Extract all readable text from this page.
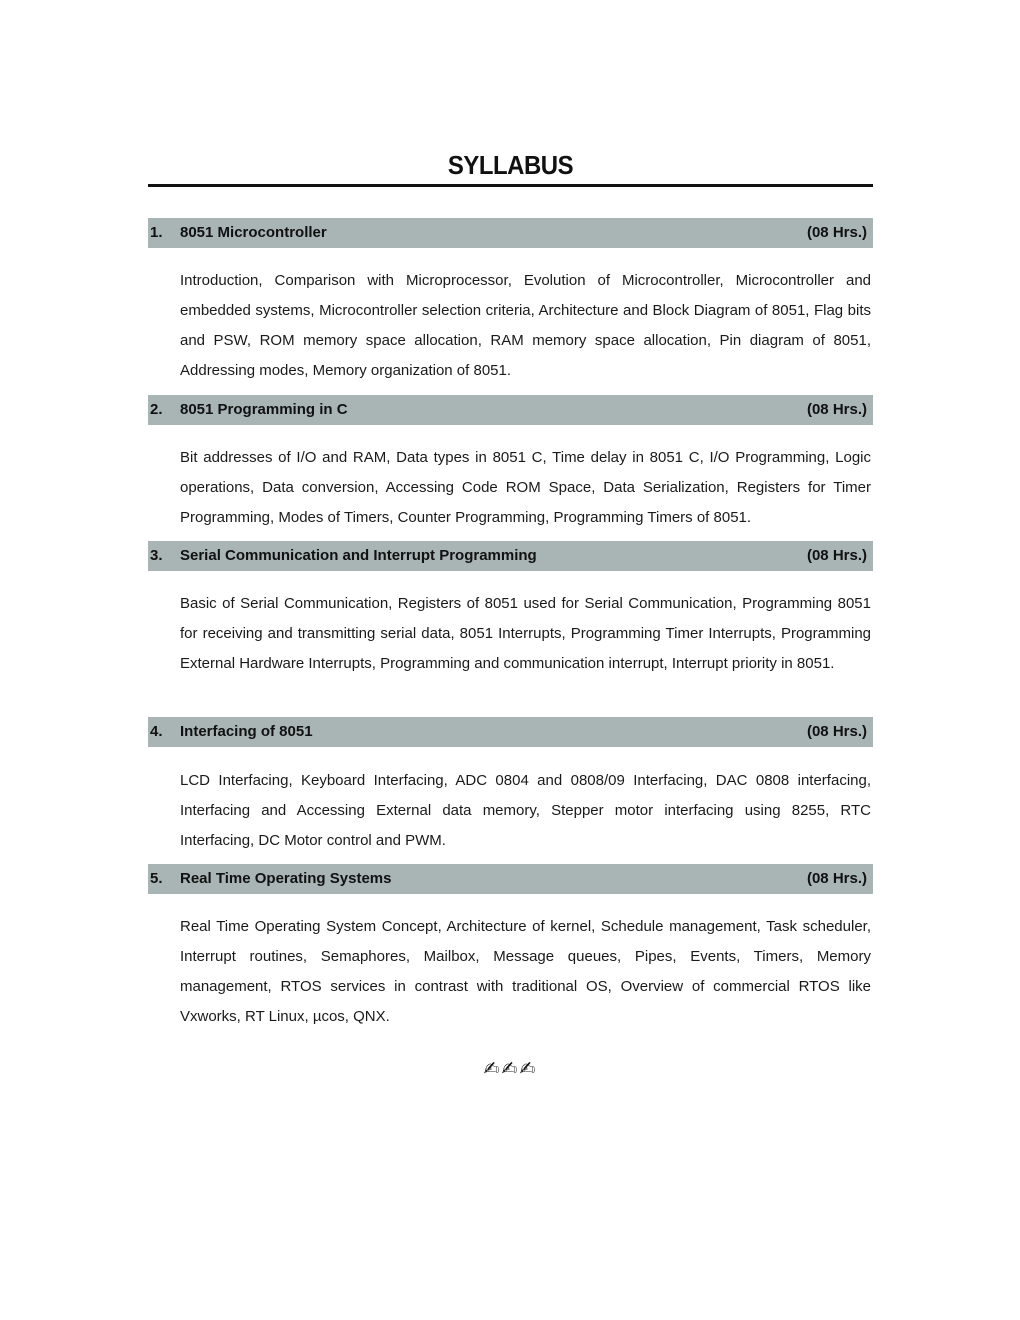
SYLLABUS
1. 8051 Microcontroller	(08 Hrs.)
Introduction, Comparison with Microprocessor, Evolution of Microcontroller, Microcontroller and embedded systems, Microcontroller selection criteria, Architecture and Block Diagram of 8051, Flag bits and PSW, ROM memory space allocation, RAM memory space allocation, Pin diagram of 8051, Addressing modes, Memory organization of 8051.
2. 8051 Programming in C	(08 Hrs.)
Bit addresses of I/O and RAM, Data types in 8051 C, Time delay in 8051 C, I/O Programming, Logic operations, Data conversion, Accessing Code ROM Space, Data Serialization, Registers for Timer Programming, Modes of Timers, Counter Programming, Programming Timers of 8051.
3. Serial Communication and Interrupt Programming	(08 Hrs.)
Basic of Serial Communication, Registers of 8051 used for Serial Communication, Programming 8051 for receiving and transmitting serial data, 8051 Interrupts, Programming Timer Interrupts, Programming External Hardware Interrupts, Programming and communication interrupt, Interrupt priority in 8051.
4. Interfacing of 8051	(08 Hrs.)
LCD Interfacing, Keyboard Interfacing, ADC 0804 and 0808/09 Interfacing, DAC 0808 interfacing, Interfacing and Accessing External data memory, Stepper motor interfacing using 8255, RTC Interfacing, DC Motor control and PWM.
5. Real Time Operating Systems	(08 Hrs.)
Real Time Operating System Concept, Architecture of kernel, Schedule management, Task scheduler, Interrupt routines, Semaphores, Mailbox, Message queues, Pipes, Events, Timers, Memory management, RTOS services in contrast with traditional OS, Overview of commercial RTOS like Vxworks, RT Linux, µcos, QNX.
✍✍✍
